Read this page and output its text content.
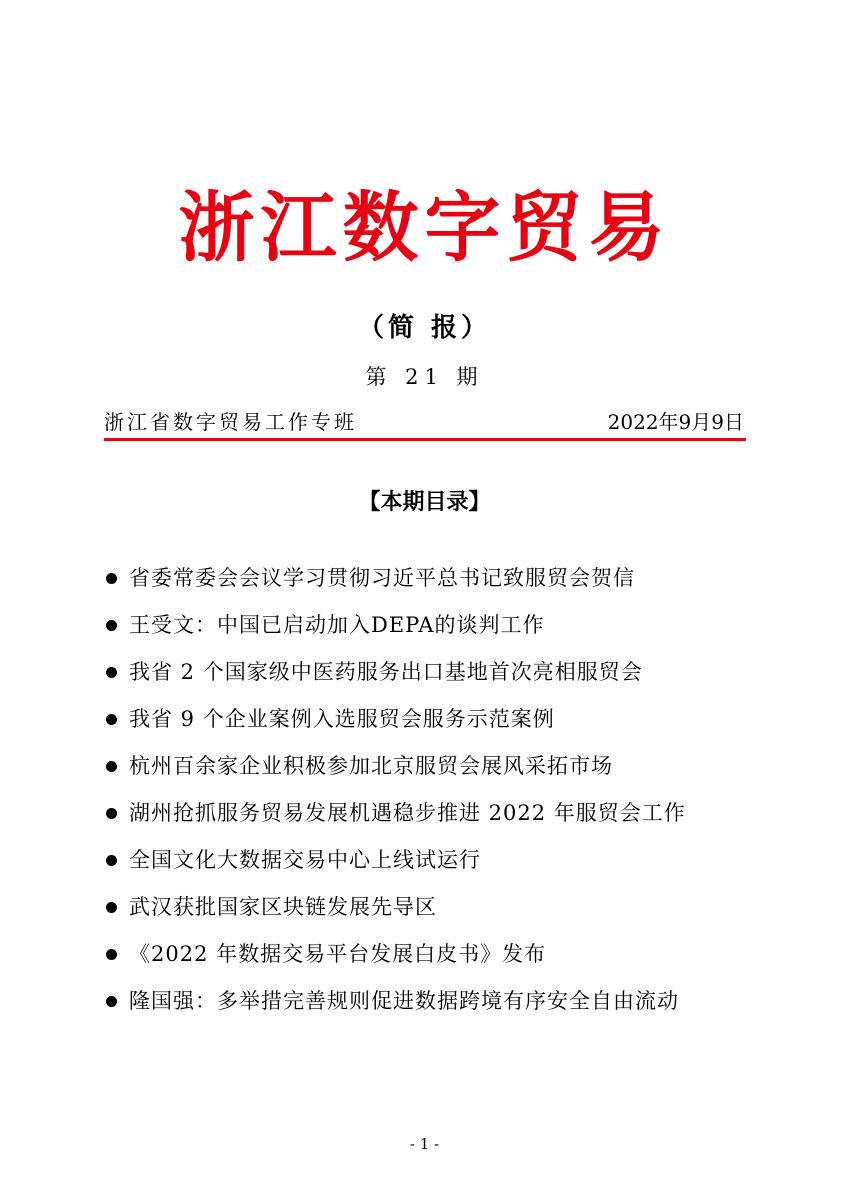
浙江数字贸易
（简 报）
第 21 期
浙江省数字贸易工作专班	2022年9月9日
【本期目录】
省委常委会会议学习贯彻习近平总书记致服贸会贺信
王受文：中国已启动加入DEPA的谈判工作
我省 2 个国家级中医药服务出口基地首次亮相服贸会
我省 9 个企业案例入选服贸会服务示范案例
杭州百余家企业积极参加北京服贸会展风采拓市场
湖州抢抓服务贸易发展机遇稳步推进 2022 年服贸会工作
全国文化大数据交易中心上线试运行
武汉获批国家区块链发展先导区
《2022 年数据交易平台发展白皮书》发布
隆国强：多举措完善规则促进数据跨境有序安全自由流动
- 1 -
